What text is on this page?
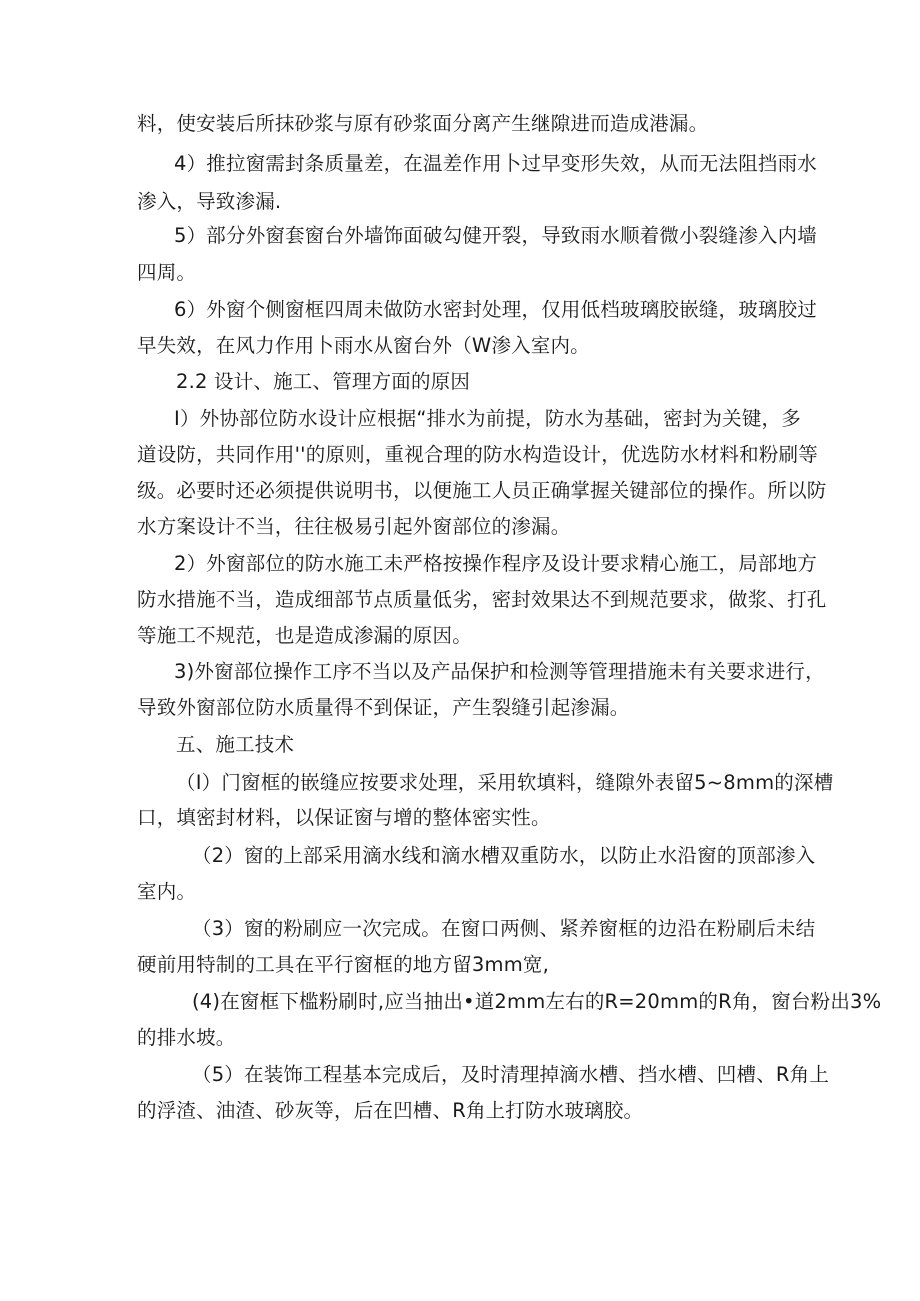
料，使安装后所抹砂浆与原有砂浆面分离产生继隙进而造成港漏。
4）推拉窗需封条质量差，在温差作用卜过早变形失效，从而无法阻挡雨水
渗入，导致渗漏.
5）部分外窗套窗台外墙饰面破勾健开裂，导致雨水顺着微小裂缝渗入内墙
四周。
6）外窗个侧窗框四周未做防水密封处理，仅用低档玻璃胶嵌缝，玻璃胶过
早失效，在风力作用卜雨水从窗台外（W渗入室内。
2.2 设计、施工、管理方面的原因
I）外协部位防水设计应根据“排水为前提，防水为基础，密封为关键，多
道设防，共同作用''的原则，重视合理的防水构造设计，优选防水材料和粉刷等
级。必要时还必须提供说明书，以便施工人员正确掌握关键部位的操作。所以防
水方案设计不当，往往极易引起外窗部位的渗漏。
2）外窗部位的防水施工未严格按操作程序及设计要求精心施工，局部地方
防水措施不当，造成细部节点质量低劣，密封效果达不到规范要求，做浆、打孔
等施工不规范，也是造成渗漏的原因。
3)外窗部位操作工序不当以及产品保护和检测等管理措施未有关要求进行，
导致外窗部位防水质量得不到保证，产生裂缝引起渗漏。
五、施工技术
（I）门窗框的嵌缝应按要求处理，采用软填料，缝隙外表留5~8mm的深槽
口，填密封材料，以保证窗与增的整体密实性。
（2）窗的上部采用滴水线和滴水槽双重防水，以防止水沿窗的顶部渗入
室内。
（3）窗的粉刷应一次完成。在窗口两侧、紧养窗框的边沿在粉刷后未结
硬前用特制的工具在平行窗框的地方留3mm宽,
(4)在窗框下槛粉刷时,应当抽出•道2mm左右的R=20mm的R角，窗台粉出3%
的排水坡。
（5）在装饰工程基本完成后，及时清理掉滴水槽、挡水槽、凹槽、R角上
的浮渣、油渣、砂灰等，后在凹槽、R角上打防水玻璃胶。
